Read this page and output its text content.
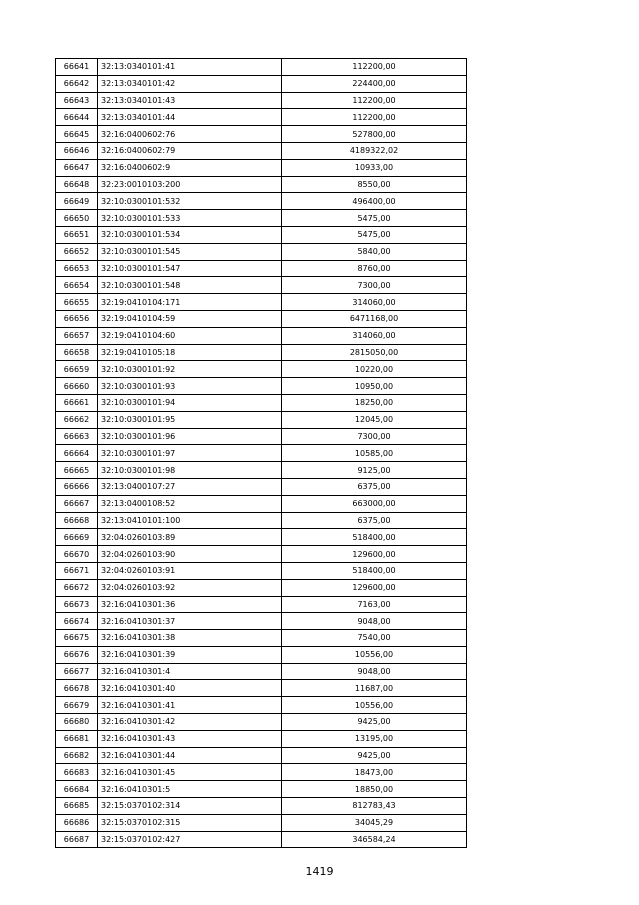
66641	32:13:0340101:41	112200,00
66642	32:13:0340101:42	224400,00
66643	32:13:0340101:43	112200,00
66644	32:13:0340101:44	112200,00
66645	32:16:0400602:76	527800,00
66646	32:16:0400602:79	4189322,02
66647	32:16:0400602:9	10933,00
66648	32:23:0010103:200	8550,00
66649	32:10:0300101:532	496400,00
66650	32:10:0300101:533	5475,00
66651	32:10:0300101:534	5475,00
66652	32:10:0300101:545	5840,00
66653	32:10:0300101:547	8760,00
66654	32:10:0300101:548	7300,00
66655	32:19:0410104:171	314060,00
66656	32:19:0410104:59	6471168,00
66657	32:19:0410104:60	314060,00
66658	32:19:0410105:18	2815050,00
66659	32:10:0300101:92	10220,00
66660	32:10:0300101:93	10950,00
66661	32:10:0300101:94	18250,00
66662	32:10:0300101:95	12045,00
66663	32:10:0300101:96	7300,00
66664	32:10:0300101:97	10585,00
66665	32:10:0300101:98	9125,00
66666	32:13:0400107:27	6375,00
66667	32:13:0400108:52	663000,00
66668	32:13:0410101:100	6375,00
66669	32:04:0260103:89	518400,00
66670	32:04:0260103:90	129600,00
66671	32:04:0260103:91	518400,00
66672	32:04:0260103:92	129600,00
66673	32:16:0410301:36	7163,00
66674	32:16:0410301:37	9048,00
66675	32:16:0410301:38	7540,00
66676	32:16:0410301:39	10556,00
66677	32:16:0410301:4	9048,00
66678	32:16:0410301:40	11687,00
66679	32:16:0410301:41	10556,00
66680	32:16:0410301:42	9425,00
66681	32:16:0410301:43	13195,00
66682	32:16:0410301:44	9425,00
66683	32:16:0410301:45	18473,00
66684	32:16:0410301:5	18850,00
66685	32:15:0370102:314	812783,43
66686	32:15:0370102:315	34045,29
66687	32:15:0370102:427	346584,24
1419
